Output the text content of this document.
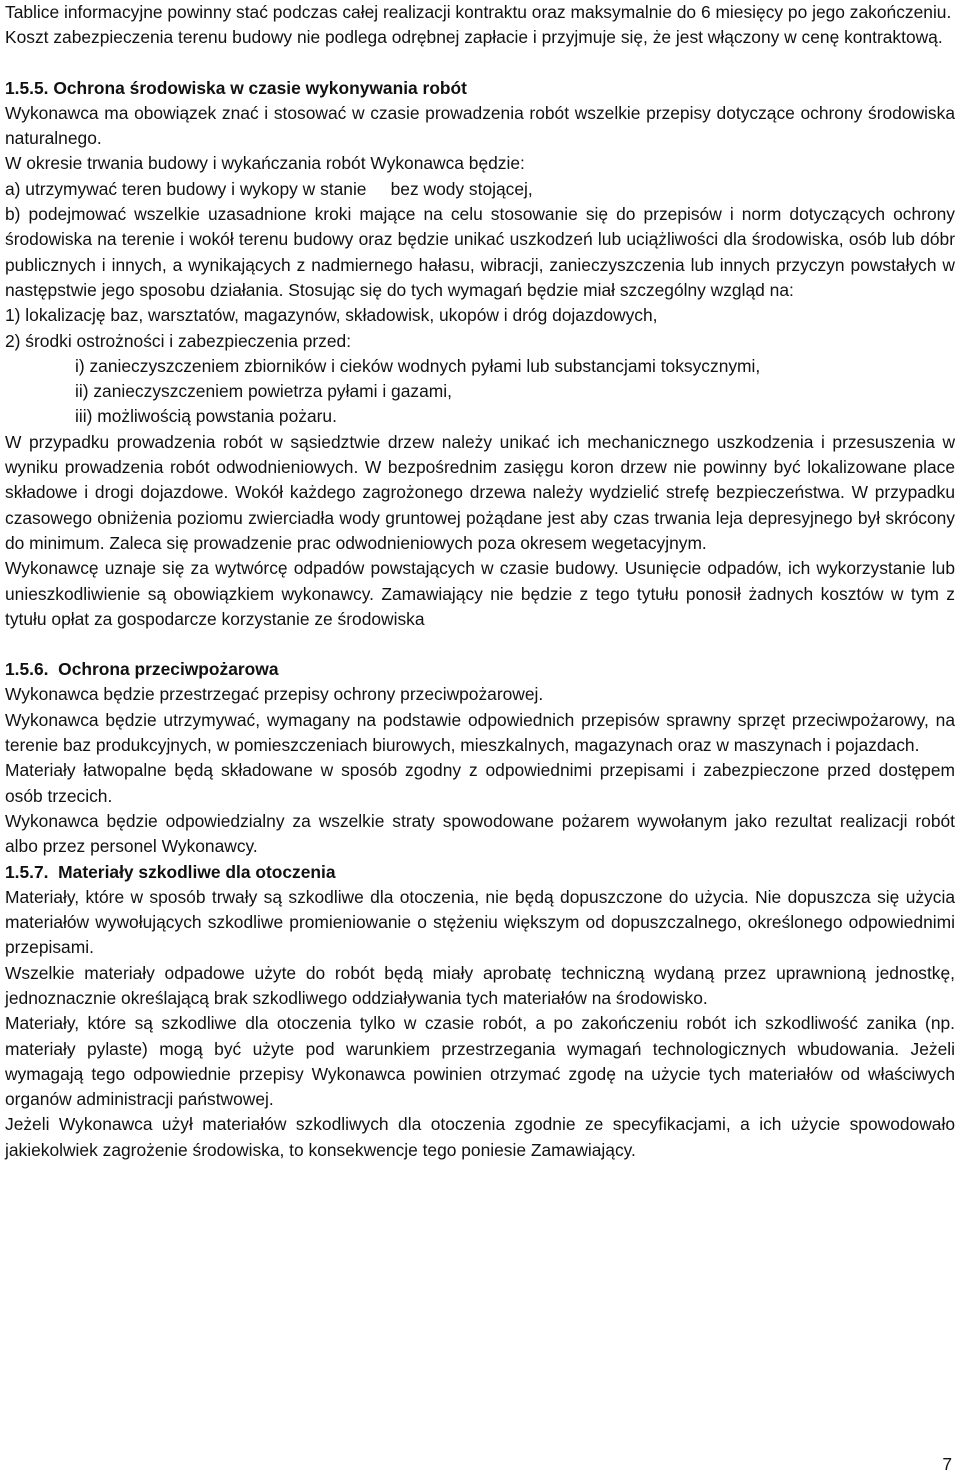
Tablice informacyjne powinny stać podczas całej realizacji kontraktu oraz maksymalnie do 6 miesięcy po jego zakończeniu.

Koszt zabezpieczenia terenu budowy nie podlega odrębnej zapłacie i przyjmuje się, że jest włączony w cenę kontraktową.

1.5.5. Ochrona środowiska w czasie wykonywania robót

Wykonawca ma obowiązek znać i stosować w czasie prowadzenia robót wszelkie przepisy dotyczące ochrony środowiska naturalnego.

W okresie trwania budowy i wykańczania robót Wykonawca będzie:

a) utrzymywać teren budowy i wykopy w stanie     bez wody stojącej,

b) podejmować wszelkie uzasadnione kroki mające na celu stosowanie się do przepisów i norm dotyczących ochrony środowiska na terenie i wokół terenu budowy oraz będzie unikać uszkodzeń lub uciążliwości dla środowiska, osób lub dóbr publicznych i innych, a wynikających z nadmiernego hałasu, wibracji, zanieczyszczenia lub innych przyczyn powstałych w następstwie jego sposobu działania. Stosując się do tych wymagań będzie miał szczególny wzgląd na:

1) lokalizację baz, warsztatów, magazynów, składowisk, ukopów i dróg dojazdowych,

2) środki ostrożności i zabezpieczenia przed:

i) zanieczyszczeniem zbiorników i cieków wodnych pyłami lub substancjami toksycznymi,

ii) zanieczyszczeniem powietrza pyłami i gazami,

iii) możliwością powstania pożaru.

W przypadku prowadzenia robót w sąsiedztwie drzew należy unikać ich mechanicznego uszkodzenia i przesuszenia w wyniku prowadzenia robót odwodnieniowych. W bezpośrednim zasięgu koron drzew nie powinny być lokalizowane place składowe i drogi dojazdowe. Wokół każdego zagrożonego drzewa należy wydzielić strefę bezpieczeństwa. W przypadku czasowego obniżenia poziomu zwierciadła wody gruntowej pożądane jest aby czas trwania leja depresyjnego był skrócony do minimum. Zaleca się prowadzenie prac odwodnieniowych poza okresem wegetacyjnym.

Wykonawcę uznaje się za wytwórcę odpadów powstających w czasie budowy. Usunięcie odpadów, ich wykorzystanie lub unieszkodliwienie są obowiązkiem wykonawcy. Zamawiający nie będzie z tego tytułu ponosił żadnych kosztów w tym z tytułu opłat za gospodarcze korzystanie ze środowiska

1.5.6.  Ochrona przeciwpożarowa

Wykonawca będzie przestrzegać przepisy ochrony przeciwpożarowej.

Wykonawca będzie utrzymywać, wymagany na podstawie odpowiednich przepisów sprawny sprzęt przeciwpożarowy, na terenie baz produkcyjnych, w pomieszczeniach biurowych, mieszkalnych, magazynach oraz w maszynach i pojazdach.

Materiały łatwopalne będą składowane w sposób zgodny z odpowiednimi przepisami i zabezpieczone przed dostępem osób trzecich.

Wykonawca będzie odpowiedzialny za wszelkie straty spowodowane pożarem wywołanym jako rezultat realizacji robót albo przez personel Wykonawcy.

1.5.7.  Materiały szkodliwe dla otoczenia

Materiały, które w sposób trwały są szkodliwe dla otoczenia, nie będą dopuszczone do użycia. Nie dopuszcza się użycia materiałów wywołujących szkodliwe promieniowanie o stężeniu większym od dopuszczalnego, określonego odpowiednimi przepisami.

Wszelkie materiały odpadowe użyte do robót będą miały aprobatę techniczną wydaną przez uprawnioną jednostkę, jednoznacznie określającą brak szkodliwego oddziaływania tych materiałów na środowisko.

Materiały, które są szkodliwe dla otoczenia tylko w czasie robót, a po zakończeniu robót ich szkodliwość zanika (np. materiały pylaste) mogą być użyte pod warunkiem przestrzegania wymagań technologicznych wbudowania. Jeżeli wymagają tego odpowiednie przepisy Wykonawca powinien otrzymać zgodę na użycie tych materiałów od właściwych organów administracji państwowej.

Jeżeli Wykonawca użył materiałów szkodliwych dla otoczenia zgodnie ze specyfikacjami, a ich użycie spowodowało jakiekolwiek zagrożenie środowiska, to konsekwencje tego poniesie Zamawiający.

7
